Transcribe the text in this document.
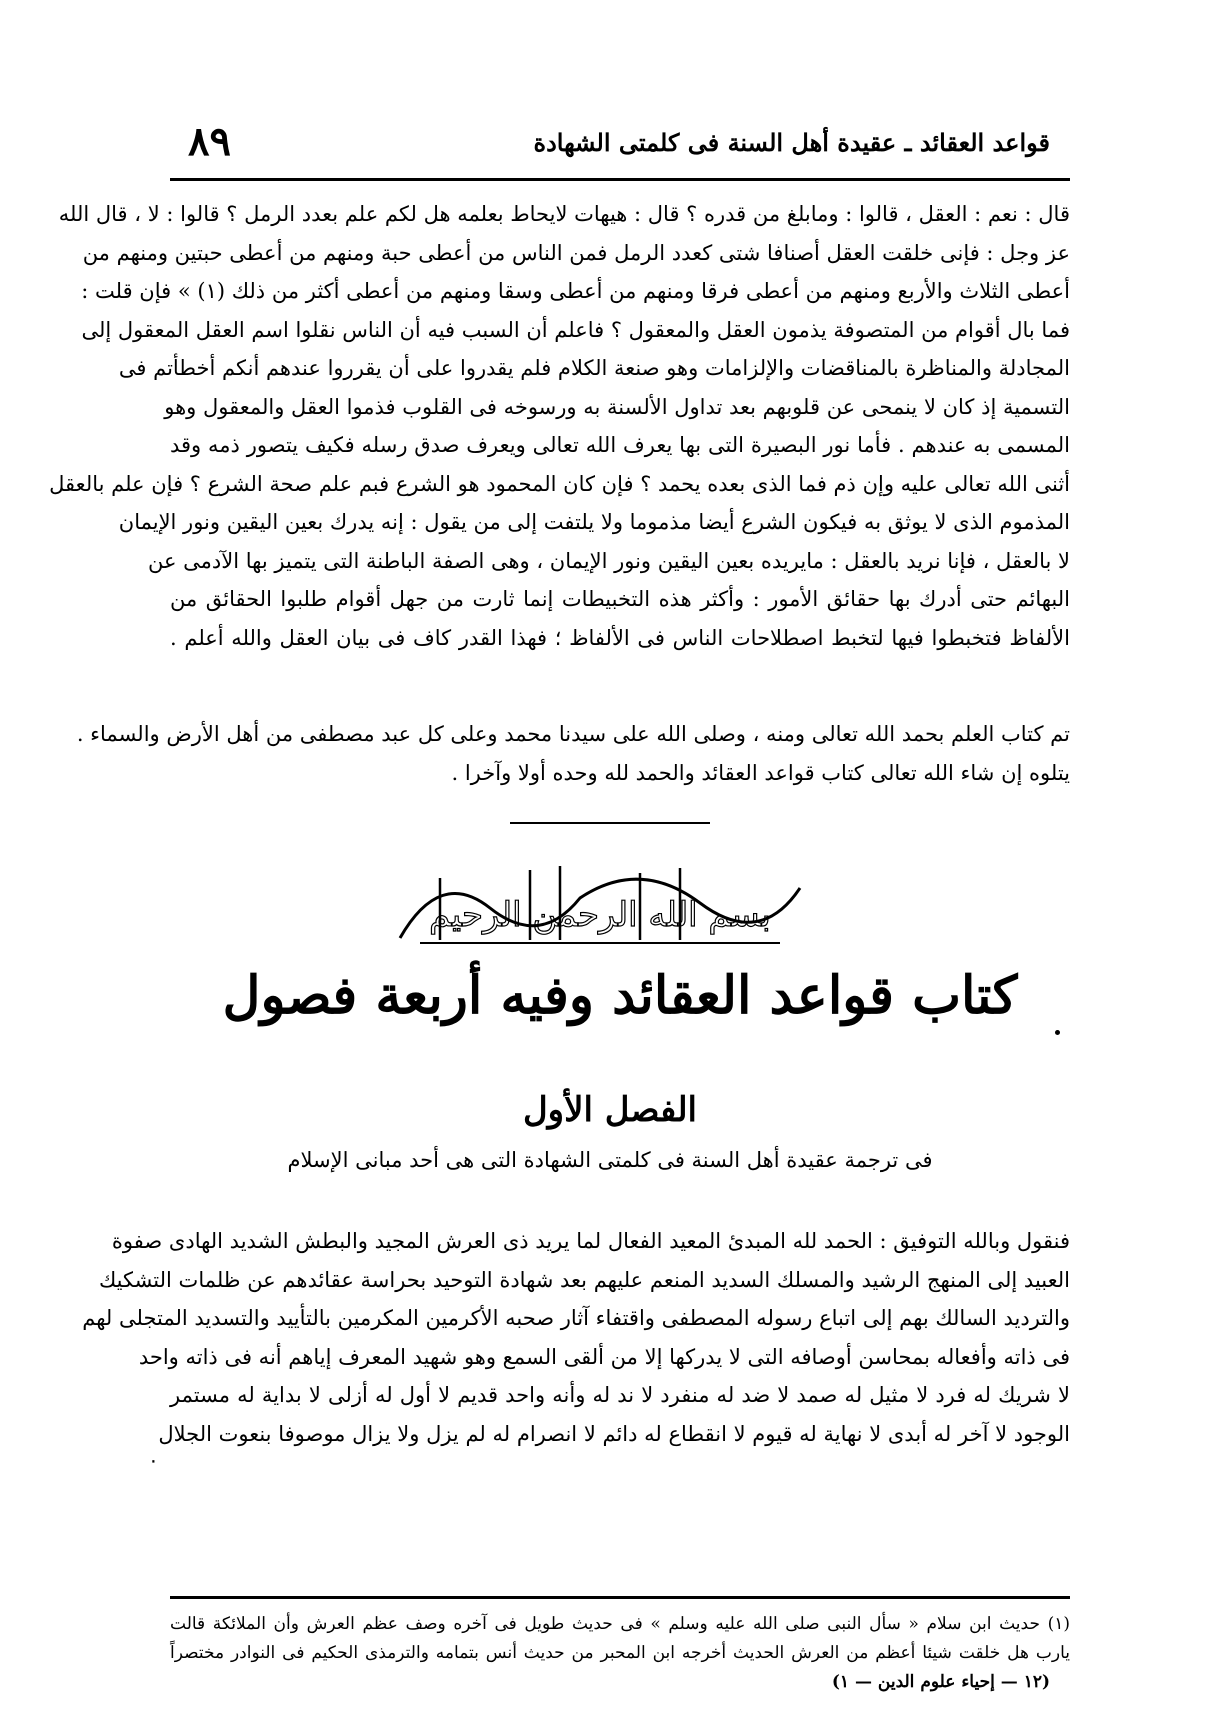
٨٩	قواعد العقائد ـ عقيدة أهل السنة فى كلمتى الشهادة

قال : نعم : العقل ، قالوا : ومابلغ من قدره ؟ قال : هيهات لايحاط بعلمه هل لكم علم بعدد الرمل ؟ قالوا : لا ، قال الله

عز وجل : فإنى خلقت العقل أصنافا شتى كعدد الرمل فمن الناس من أعطى حبة ومنهم من أعطى حبتين ومنهم من

أعطى الثلاث والأربع ومنهم من أعطى فرقا ومنهم من أعطى وسقا ومنهم من أعطى أكثر من ذلك (١) » فإن قلت :

فما بال أقوام من المتصوفة يذمون العقل والمعقول ؟ فاعلم أن السبب فيه أن الناس نقلوا اسم العقل المعقول إلى

المجادلة والمناظرة بالمناقضات والإلزامات وهو صنعة الكلام فلم يقدروا على أن يقرروا عندهم أنكم أخطأتم فى

التسمية إذ كان لا ينمحى عن قلوبهم بعد تداول الألسنة به ورسوخه فى القلوب فذموا العقل والمعقول وهو

المسمى به عندهم . فأما نور البصيرة التى بها يعرف الله تعالى ويعرف صدق رسله فكيف يتصور ذمه وقد

أثنى الله تعالى عليه وإن ذم فما الذى بعده يحمد ؟ فإن كان المحمود هو الشرع فبم علم صحة الشرع ؟ فإن علم بالعقل

المذموم الذى لا يوثق به فيكون الشرع أيضا مذموما ولا يلتفت إلى من يقول : إنه يدرك بعين اليقين ونور الإيمان

لا بالعقل ، فإنا نريد بالعقل : مايريده بعين اليقين ونور الإيمان ، وهى الصفة الباطنة التى يتميز بها الآدمى عن

البهائم حتى أدرك بها حقائق الأمور : وأكثر هذه التخبيطات إنما ثارت من جهل أقوام طلبوا الحقائق من

الألفاظ فتخبطوا فيها لتخبط اصطلاحات الناس فى الألفاظ ؛ فهذا القدر كاف فى بيان العقل والله أعلم .

تم كتاب العلم بحمد الله تعالى ومنه ، وصلى الله على سيدنا محمد وعلى كل عبد مصطفى من أهل الأرض والسماء .

يتلوه إن شاء الله تعالى كتاب قواعد العقائد والحمد لله وحده أولا وآخرا .

بسم الله الرحمن الرحيم
كتاب قواعد العقائد وفيه أربعة فصول
الفصل الأول
فى ترجمة عقيدة أهل السنة فى كلمتى الشهادة التى هى أحد مبانى الإسلام

فنقول وبالله التوفيق : الحمد لله المبدئ المعيد الفعال لما يريد ذى العرش المجيد والبطش الشديد الهادى صفوة

العبيد إلى المنهج الرشيد والمسلك السديد المنعم عليهم بعد شهادة التوحيد بحراسة عقائدهم عن ظلمات التشكيك

والترديد السالك بهم إلى اتباع رسوله المصطفى واقتفاء آثار صحبه الأكرمين المكرمين بالتأييد والتسديد المتجلى لهم

فى ذاته وأفعاله بمحاسن أوصافه التى لا يدركها إلا من ألقى السمع وهو شهيد المعرف إياهم أنه فى ذاته واحد

لا شريك له فرد لا مثيل له صمد لا ضد له منفرد لا ند له وأنه واحد قديم لا أول له أزلى لا بداية له مستمر

الوجود لا آخر له أبدى لا نهاية له قيوم لا انقطاع له دائم لا انصرام له لم يزل ولا يزال موصوفا بنعوت الجلال

٠

(١) حديث ابن سلام « سأل النبى صلى الله عليه وسلم » فى حديث طويل فى آخره وصف عظم العرش وأن الملائكة قالت

يارب هل خلقت شيئا أعظم من العرش الحديث أخرجه ابن المحبر من حديث أنس بتمامه والترمذى الحكيم فى النوادر مختصراً

(١٢ — إحياء علوم الدين — ١)
